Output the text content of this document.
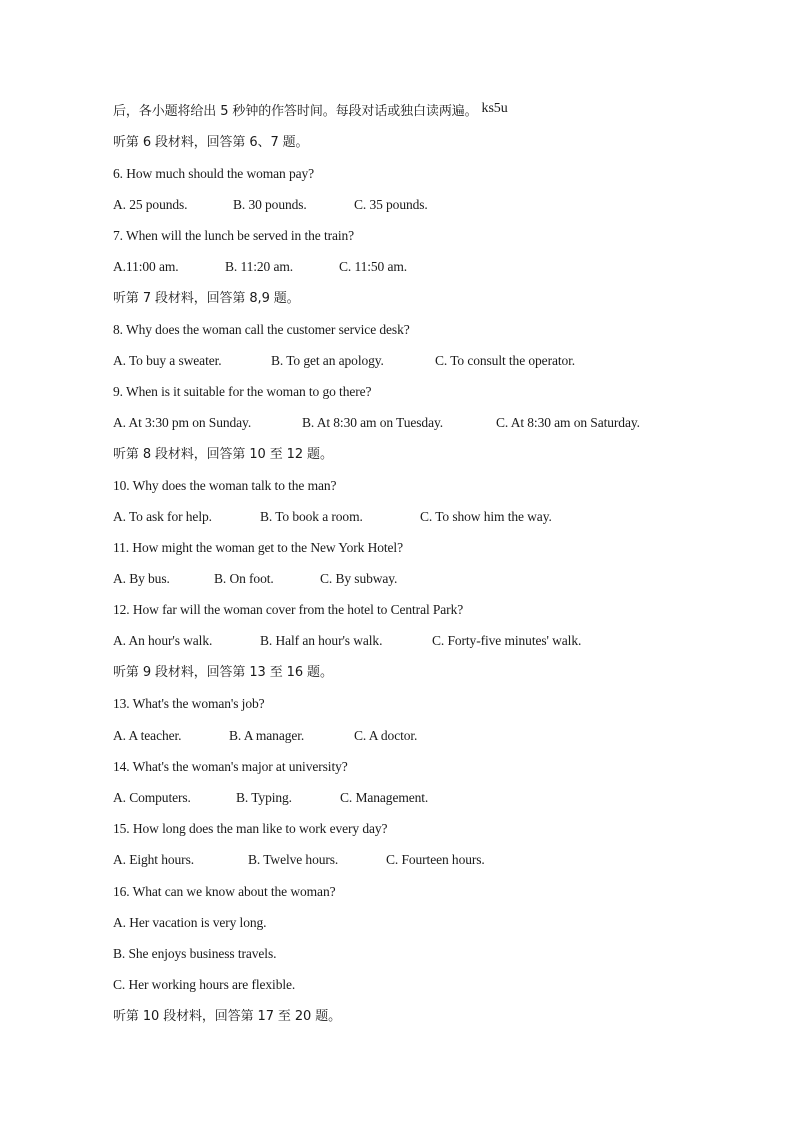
后，各小题将给出 5 秒钟的作答时间。每段对话或独白读两遍。 ks5u
听第 6 段材料，回答第 6、7 题。
6. How much should the woman pay?
A. 25 pounds.	B. 30 pounds.	C. 35 pounds.
7. When will the lunch be served in the train?
A.11:00 am.	B. 11:20 am.	C. 11:50 am.
听第 7 段材料，回答第 8,9 题。
8. Why does the woman call the customer service desk?
A. To buy a sweater.	B. To get an apology.	C. To consult the operator.
9. When is it suitable for the woman to go there?
A. At 3:30 pm on Sunday.	B. At 8:30 am on Tuesday.	C. At 8:30 am on Saturday.
听第 8 段材料，回答第 10 至 12 题。
10. Why does the woman talk to the man?
A. To ask for help.	B. To book a room.	C. To show him the way.
11. How might the woman get to the New York Hotel?
A. By bus.	B. On foot.	C. By subway.
12. How far will the woman cover from the hotel to Central Park?
A. An hour's walk.	B. Half an hour's walk.	C. Forty-five minutes' walk.
听第 9 段材料，回答第 13 至 16 题。
13. What's the woman's job?
A. A teacher.	B. A manager.	C. A doctor.
14. What's the woman's major at university?
A. Computers.	B. Typing.	C. Management.
15. How long does the man like to work every day?
A. Eight hours.	B. Twelve hours.	C. Fourteen hours.
16. What can we know about the woman?
A. Her vacation is very long.
B. She enjoys business travels.
C. Her working hours are flexible.
听第 10 段材料，回答第 17 至 20 题。
